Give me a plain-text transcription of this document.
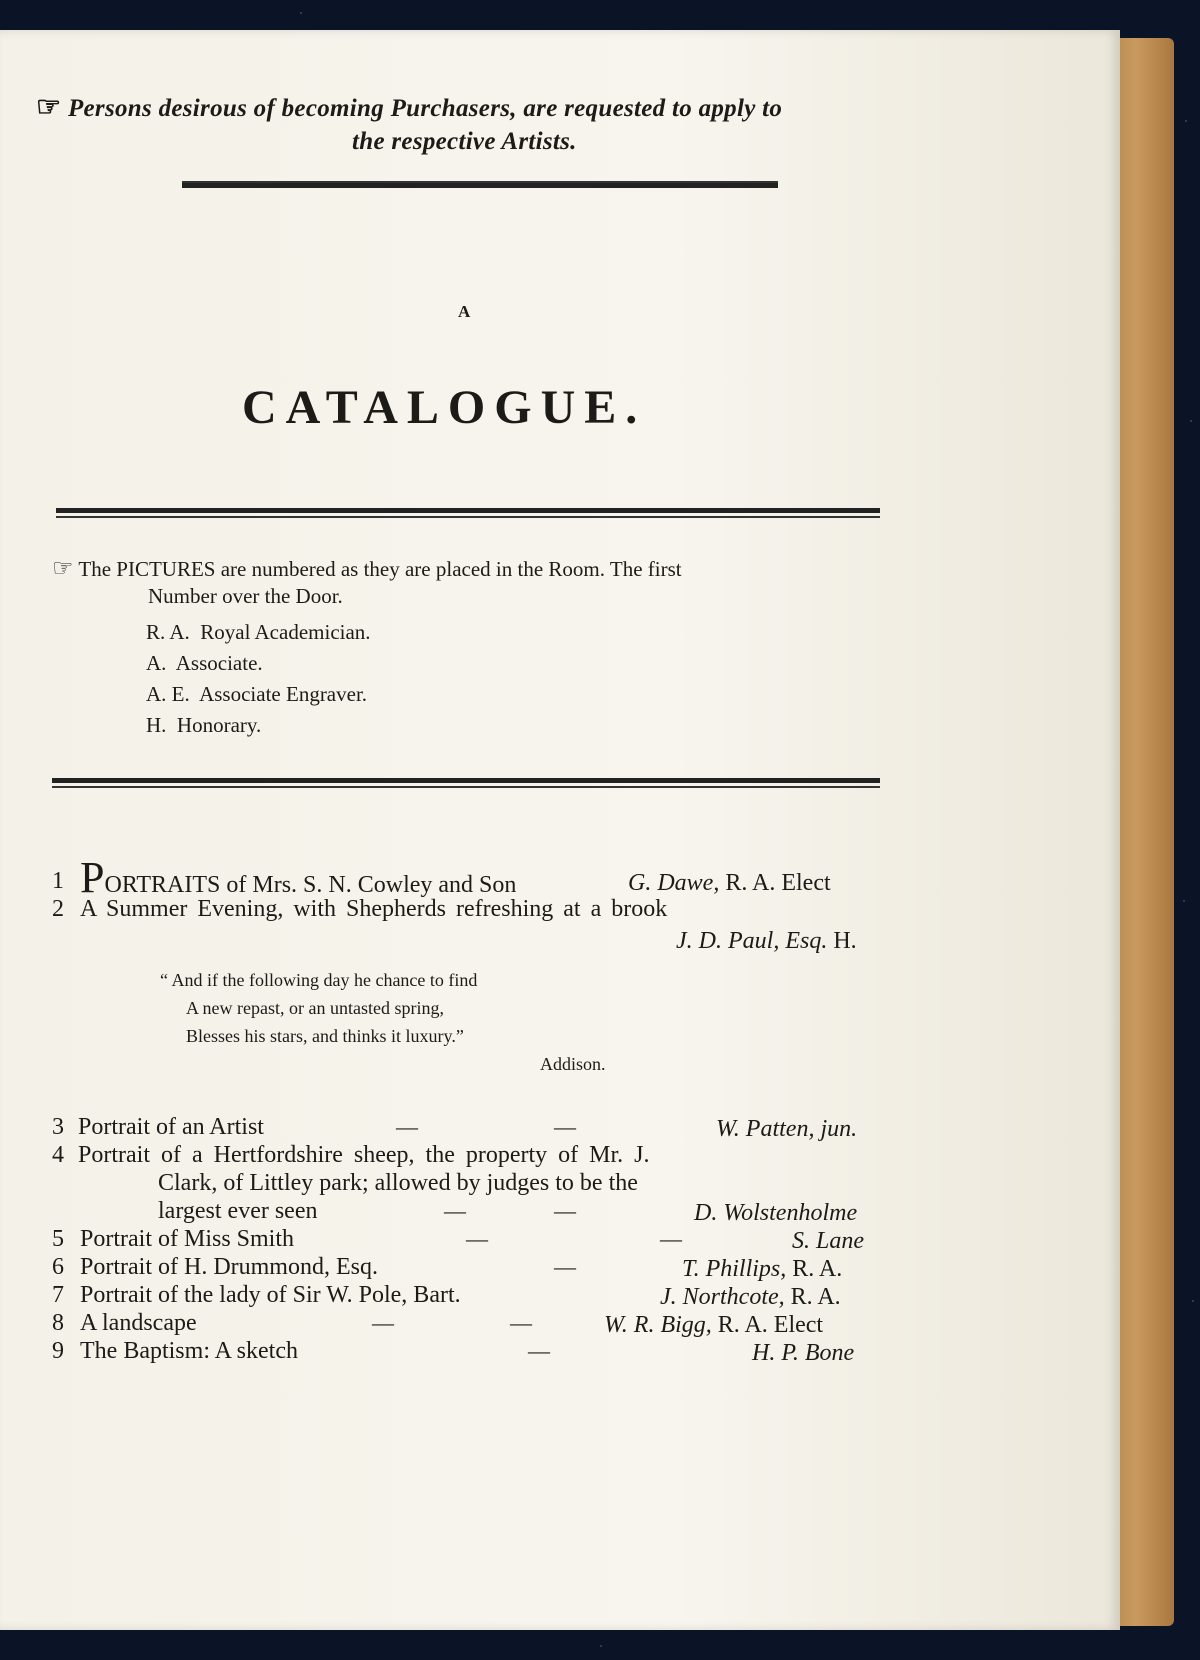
☞ Persons desirous of becoming Purchasers, are requested to apply to
the respective Artists.
A
CATALOGUE.
☞ The PICTURES are numbered as they are placed in the Room. The first
Number over the Door.
R. A. Royal Academician.
A. Associate.
A. E. Associate Engraver.
H. Honorary.
1 PORTRAITS of Mrs. S. N. Cowley and Son	G. Dawe, R. A. Elect
2 A Summer Evening, with Shepherds refreshing at a brook
J. D. Paul, Esq. H.
“ And if the following day he chance to find
A new repast, or an untasted spring,
Blesses his stars, and thinks it luxury.”
Addison.
3 Portrait of an Artist	—	—	W. Patten, jun.
4 Portrait of a Hertfordshire sheep, the property of Mr. J.
Clark, of Littley park; allowed by judges to be the
largest ever seen	—	—	D. Wolstenholme
5 Portrait of Miss Smith	—	—	S. Lane
6 Portrait of H. Drummond, Esq.	—	T. Phillips, R. A.
7 Portrait of the lady of Sir W. Pole, Bart.	J. Northcote, R. A.
8 A landscape	—	—	W. R. Bigg, R. A. Elect
9 The Baptism: A sketch	—	H. P. Bone
